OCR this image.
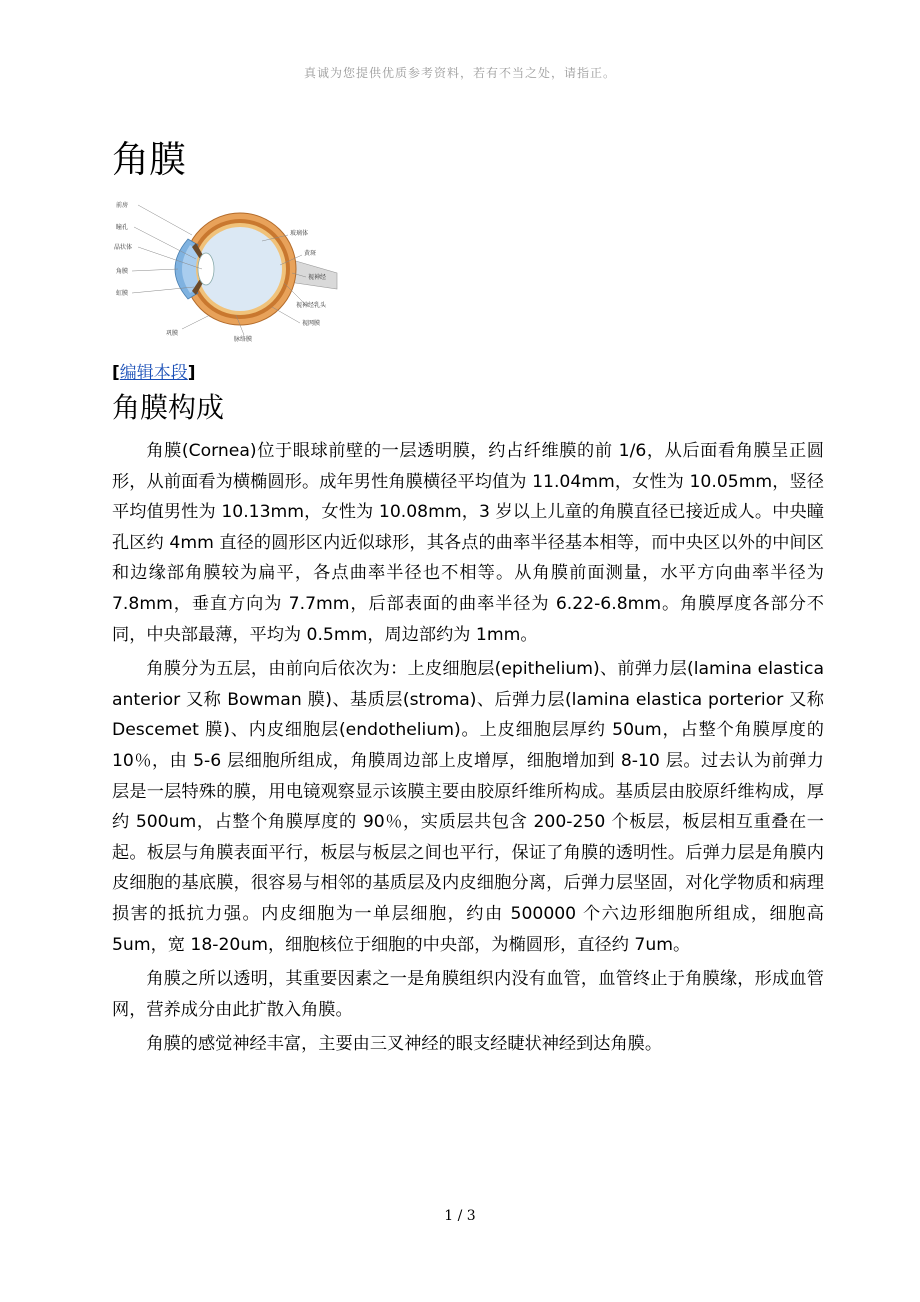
真诚为您提供优质参考资料，若有不当之处，请指正。
角膜
前房
瞳孔
晶状体
角膜
虹膜
玻璃体
黄斑
视神经
视神经乳头
视网膜
巩膜
脉络膜
[编辑本段]
角膜构成

角膜(Cornea)位于眼球前壁的一层透明膜，约占纤维膜的前 1/6，从后面看角膜呈正圆形，从前面看为横椭圆形。成年男性角膜横径平均值为 11.04mm，女性为 10.05mm，竖径平均值男性为 10.13mm，女性为 10.08mm，3 岁以上儿童的角膜直径已接近成人。中央瞳孔区约 4mm 直径的圆形区内近似球形，其各点的曲率半径基本相等，而中央区以外的中间区和边缘部角膜较为扁平，各点曲率半径也不相等。从角膜前面测量，水平方向曲率半径为 7.8mm，垂直方向为 7.7mm，后部表面的曲率半径为 6.22-6.8mm。角膜厚度各部分不同，中央部最薄，平均为 0.5mm，周边部约为 1mm。

角膜分为五层，由前向后依次为：上皮细胞层(epithelium)、前弹力层(lamina elastica anterior 又称 Bowman 膜)、基质层(stroma)、后弹力层(lamina elastica porterior 又称 Descemet 膜)、内皮细胞层(endothelium)。上皮细胞层厚约 50um，占整个角膜厚度的 10％，由 5-6 层细胞所组成，角膜周边部上皮增厚，细胞增加到 8-10 层。过去认为前弹力层是一层特殊的膜，用电镜观察显示该膜主要由胶原纤维所构成。基质层由胶原纤维构成，厚约 500um，占整个角膜厚度的 90％，实质层共包含 200-250 个板层，板层相互重叠在一起。板层与角膜表面平行，板层与板层之间也平行，保证了角膜的透明性。后弹力层是角膜内皮细胞的基底膜，很容易与相邻的基质层及内皮细胞分离，后弹力层坚固，对化学物质和病理损害的抵抗力强。内皮细胞为一单层细胞，约由 500000 个六边形细胞所组成，细胞高 5um，宽 18-20um，细胞核位于细胞的中央部，为椭圆形，直径约 7um。

角膜之所以透明，其重要因素之一是角膜组织内没有血管，血管终止于角膜缘，形成血管网，营养成分由此扩散入角膜。

角膜的感觉神经丰富，主要由三叉神经的眼支经睫状神经到达角膜。

1 / 3
